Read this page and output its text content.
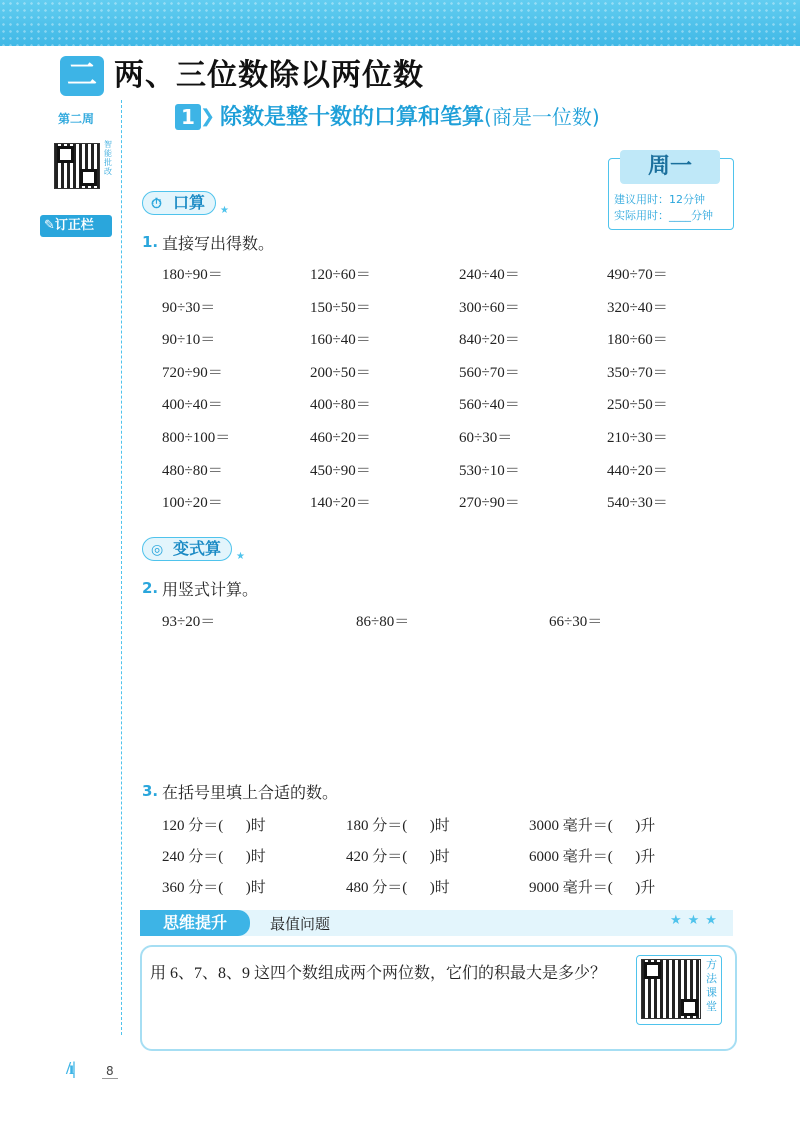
二 两、三位数除以两位数
第二周
智能批改
✎订正栏
1 ❯ 除数是整十数的口算和笔算(商是一位数)
周一
建议用时：12分钟
实际用时：____分钟
⏱ 口算 ★
1. 直接写出得数。
180÷90＝	120÷60＝	240÷40＝	490÷70＝
90÷30＝	150÷50＝	300÷60＝	320÷40＝
90÷10＝	160÷40＝	840÷20＝	180÷60＝
720÷90＝	200÷50＝	560÷70＝	350÷70＝
400÷40＝	400÷80＝	560÷40＝	250÷50＝
800÷100＝	460÷20＝	60÷30＝	210÷30＝
480÷80＝	450÷90＝	530÷10＝	440÷20＝
100÷20＝	140÷20＝	270÷90＝	540÷30＝
◎ 变式算 ★
2. 用竖式计算。
93÷20＝	86÷80＝	66÷30＝
3. 在括号里填上合适的数。
120 分＝(      )时	180 分＝(      )时	3000 毫升＝(      )升
240 分＝(      )时	420 分＝(      )时	6000 毫升＝(      )升
360 分＝(      )时	480 分＝(      )时	9000 毫升＝(      )升
思维提升	最值问题	★★★
用 6、7、8、9 这四个数组成两个两位数，它们的积最大是多少？	方法课堂
/ı|	8
